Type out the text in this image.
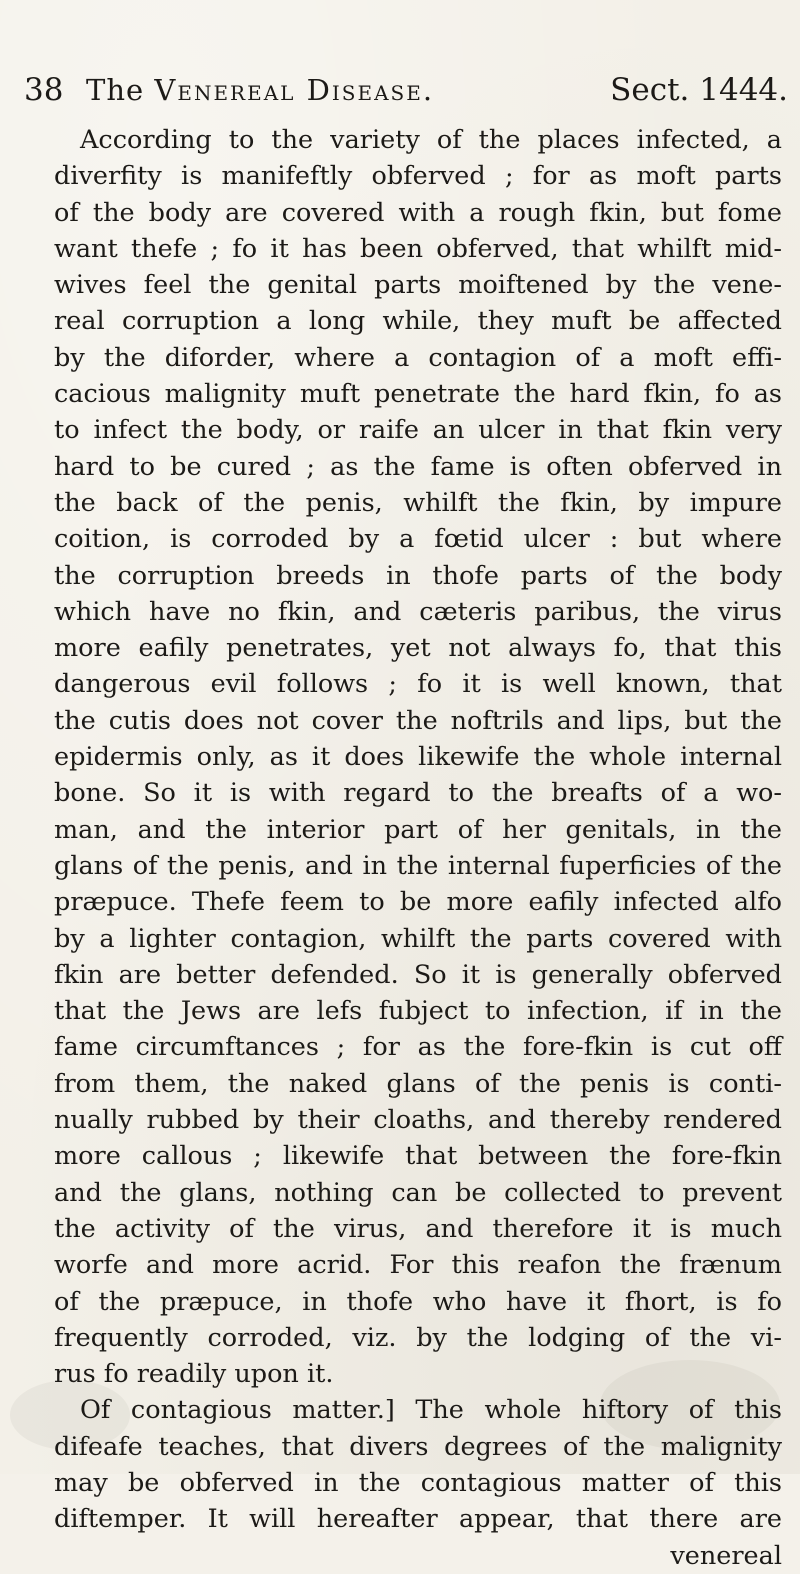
38 The Venereal Disease.	Sect. 1444.
According to the variety of the places infected, a
diverfity is manifeftly obferved ; for as moft parts
of the body are covered with a rough fkin, but fome
want thefe ; fo it has been obferved, that whilft mid-
wives feel the genital parts moiftened by the vene-
real corruption a long while, they muft be affected
by the diforder, where a contagion of a moft effi-
cacious malignity muft penetrate the hard fkin, fo as
to infect the body, or raife an ulcer in that fkin very
hard to be cured ; as the fame is often obferved in
the back of the penis, whilft the fkin, by impure
coition, is corroded by a fœtid ulcer : but where
the corruption breeds in thofe parts of the body
which have no fkin, and cæteris paribus, the virus
more eafily penetrates, yet not always fo, that this
dangerous evil follows ; fo it is well known, that
the cutis does not cover the noftrils and lips, but the
epidermis only, as it does likewife the whole internal
bone. So it is with regard to the breafts of a wo-
man, and the interior part of her genitals, in the
glans of the penis, and in the internal fuperficies of the
præpuce. Thefe feem to be more eafily infected alfo
by a lighter contagion, whilft the parts covered with
fkin are better defended. So it is generally obferved
that the Jews are lefs fubject to infection, if in the
fame circumftances ; for as the fore-fkin is cut off
from them, the naked glans of the penis is conti-
nually rubbed by their cloaths, and thereby rendered
more callous ; likewife that between the fore-fkin
and the glans, nothing can be collected to prevent
the activity of the virus, and therefore it is much
worfe and more acrid. For this reafon the frænum
of the præpuce, in thofe who have it fhort, is fo
frequently corroded, viz. by the lodging of the vi-
rus fo readily upon it.
Of contagious matter.] The whole hiftory of this
difeafe teaches, that divers degrees of the malignity
may be obferved in the contagious matter of this
diftemper. It will hereafter appear, that there are
venereal
